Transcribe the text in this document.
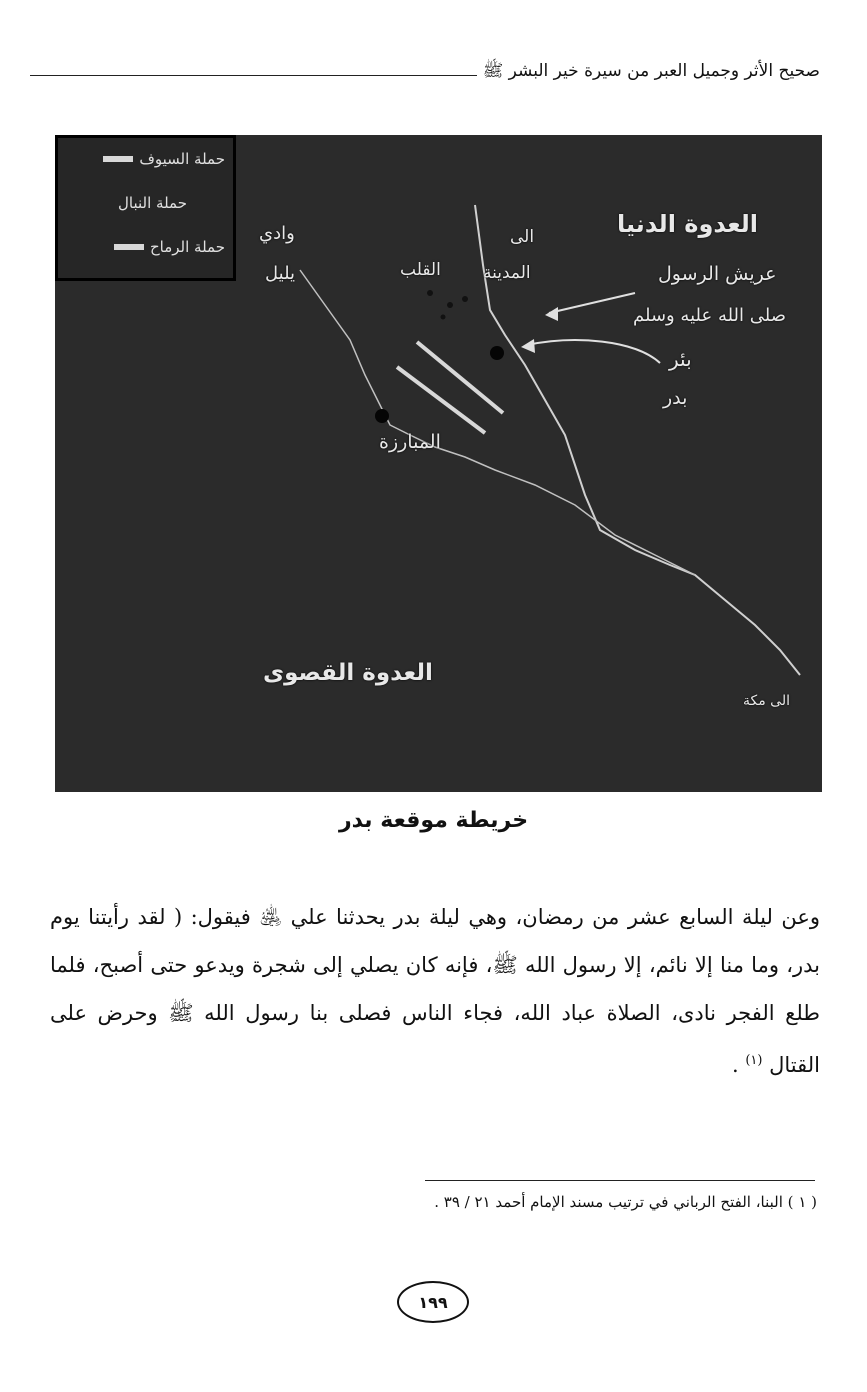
صحيح الأثر وجميل العبر من سيرة خير البشر ﷺ
حملة السيوف
حملة النبال
حملة الرماح
العدوة الدنيا
الى
المدينة
القلب
وادي
يليل	عريش الرسول
صلى الله عليه وسلم
بئر
بدر
المبارزة
العدوة القصوى
الى مكة
خريطة موقعة بدر
وعن ليلة السابع عشر من رمضان، وهي ليلة بدر يحدثنا علي ﵁ فيقول: ( لقد رأيتنا يوم بدر، وما منا إلا نائم، إلا رسول الله ﷺ، فإنه كان يصلي إلى شجرة ويدعو حتى أصبح، فلما طلع الفجر نادى، الصلاة عباد الله، فجاء الناس فصلى بنا رسول الله ﷺ وحرض على القتال $^{(١)}$ .
( ١ ) البنا، الفتح الرباني في ترتيب مسند الإمام أحمد ٢١ / ٣٩ .
١٩٩
